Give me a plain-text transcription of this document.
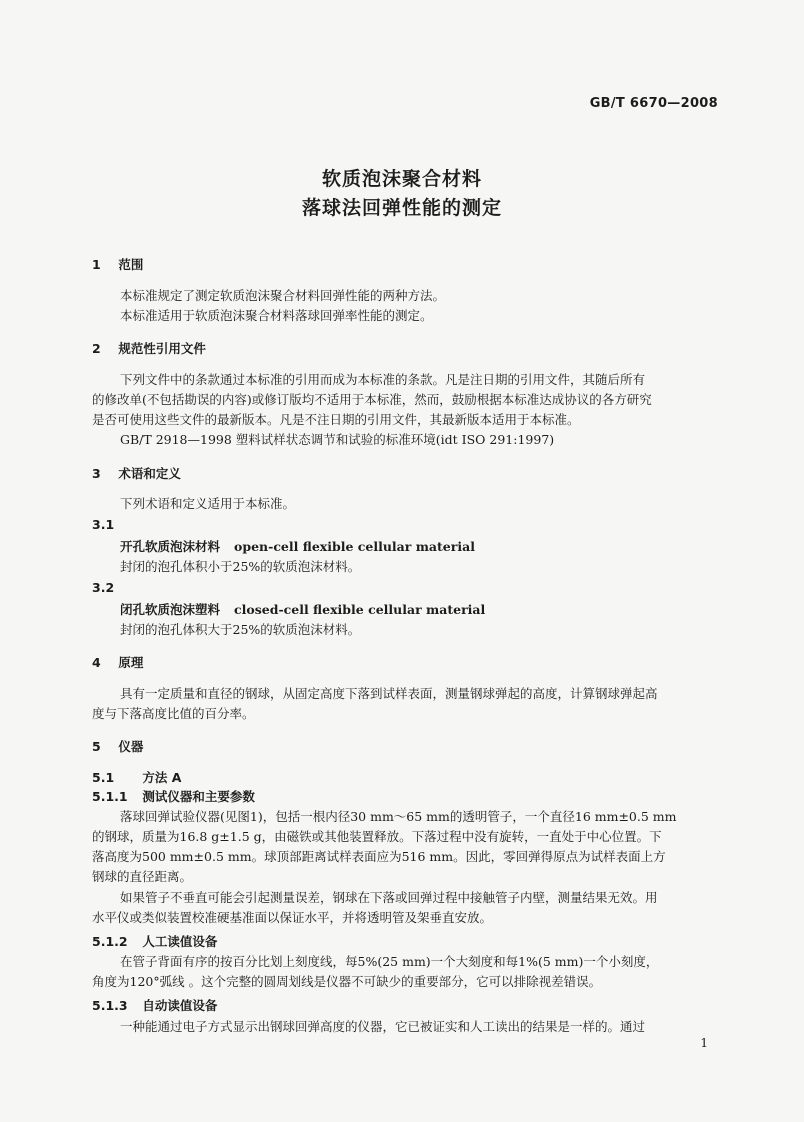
GB/T 6670—2008
软质泡沫聚合材料
落球法回弹性能的测定
1 范围
本标准规定了测定软质泡沫聚合材料回弹性能的两种方法。
本标准适用于软质泡沫聚合材料落球回弹率性能的测定。
2 规范性引用文件
下列文件中的条款通过本标准的引用而成为本标准的条款。凡是注日期的引用文件，其随后所有
的修改单(不包括勘误的内容)或修订版均不适用于本标准，然而，鼓励根据本标准达成协议的各方研究
是否可使用这些文件的最新版本。凡是不注日期的引用文件，其最新版本适用于本标准。
GB/T 2918—1998 塑料试样状态调节和试验的标准环境(idt ISO 291:1997)
3 术语和定义
下列术语和定义适用于本标准。
3.1
开孔软质泡沫材料 open-cell flexible cellular material
封闭的泡孔体积小于25%的软质泡沫材料。
3.2
闭孔软质泡沫塑料 closed-cell flexible cellular material
封闭的泡孔体积大于25%的软质泡沫材料。
4 原理
具有一定质量和直径的钢球，从固定高度下落到试样表面，测量钢球弹起的高度，计算钢球弹起高
度与下落高度比值的百分率。
5 仪器
5.1 方法 A
5.1.1 测试仪器和主要参数
落球回弹试验仪器(见图1)，包括一根内径30 mm～65 mm的透明管子，一个直径16 mm±0.5 mm
的钢球，质量为16.8 g±1.5 g，由磁铁或其他装置释放。下落过程中没有旋转，一直处于中心位置。下
落高度为500 mm±0.5 mm。球顶部距离试样表面应为516 mm。因此，零回弹得原点为试样表面上方
钢球的直径距离。
如果管子不垂直可能会引起测量误差，钢球在下落或回弹过程中接触管子内壁，测量结果无效。用
水平仪或类似装置校准硬基准面以保证水平，并将透明管及架垂直安放。
5.1.2 人工读值设备
在管子背面有序的按百分比划上刻度线，每5%(25 mm)一个大刻度和每1%(5 mm)一个小刻度，
角度为120°弧线 。这个完整的圆周划线是仪器不可缺少的重要部分，它可以排除视差错误。
5.1.3 自动读值设备
一种能通过电子方式显示出钢球回弹高度的仪器，它已被证实和人工读出的结果是一样的。通过
1
